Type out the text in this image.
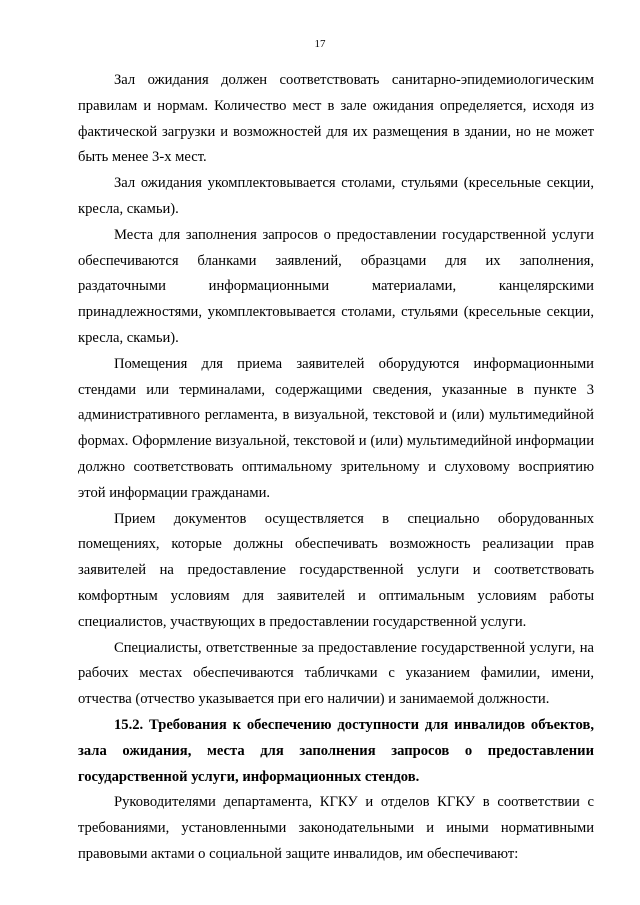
17

Зал ожидания должен соответствовать санитарно-эпидемиологическим правилам и нормам. Количество мест в зале ожидания определяется, исходя из фактической загрузки и возможностей для их размещения в здании, но не может быть менее 3-х мест.

Зал ожидания укомплектовывается столами, стульями (кресельные секции, кресла, скамьи).

Места для заполнения запросов о предоставлении государственной услуги обеспечиваются бланками заявлений, образцами для их заполнения, раздаточными информационными материалами, канцелярскими принадлежностями, укомплектовывается столами, стульями (кресельные секции, кресла, скамьи).

Помещения для приема заявителей оборудуются информационными стендами или терминалами, содержащими сведения, указанные в пункте 3 административного регламента, в визуальной, текстовой и (или) мультимедийной формах. Оформление визуальной, текстовой и (или) мультимедийной информации должно соответствовать оптимальному зрительному и слуховому восприятию этой информации гражданами.

Прием документов осуществляется в специально оборудованных помещениях, которые должны обеспечивать возможность реализации прав заявителей на предоставление государственной услуги и соответствовать комфортным условиям для заявителей и оптимальным условиям работы специалистов, участвующих в предоставлении государственной услуги.

Специалисты, ответственные за предоставление государственной услуги, на рабочих местах обеспечиваются табличками с указанием фамилии, имени, отчества (отчество указывается при его наличии) и занимаемой должности.

15.2. Требования к обеспечению доступности для инвалидов объектов, зала ожидания, места для заполнения запросов о предоставлении государственной услуги, информационных стендов.

Руководителями департамента, КГКУ и отделов КГКУ в соответствии с требованиями, установленными законодательными и иными нормативными правовыми актами о социальной защите инвалидов, им обеспечивают:
